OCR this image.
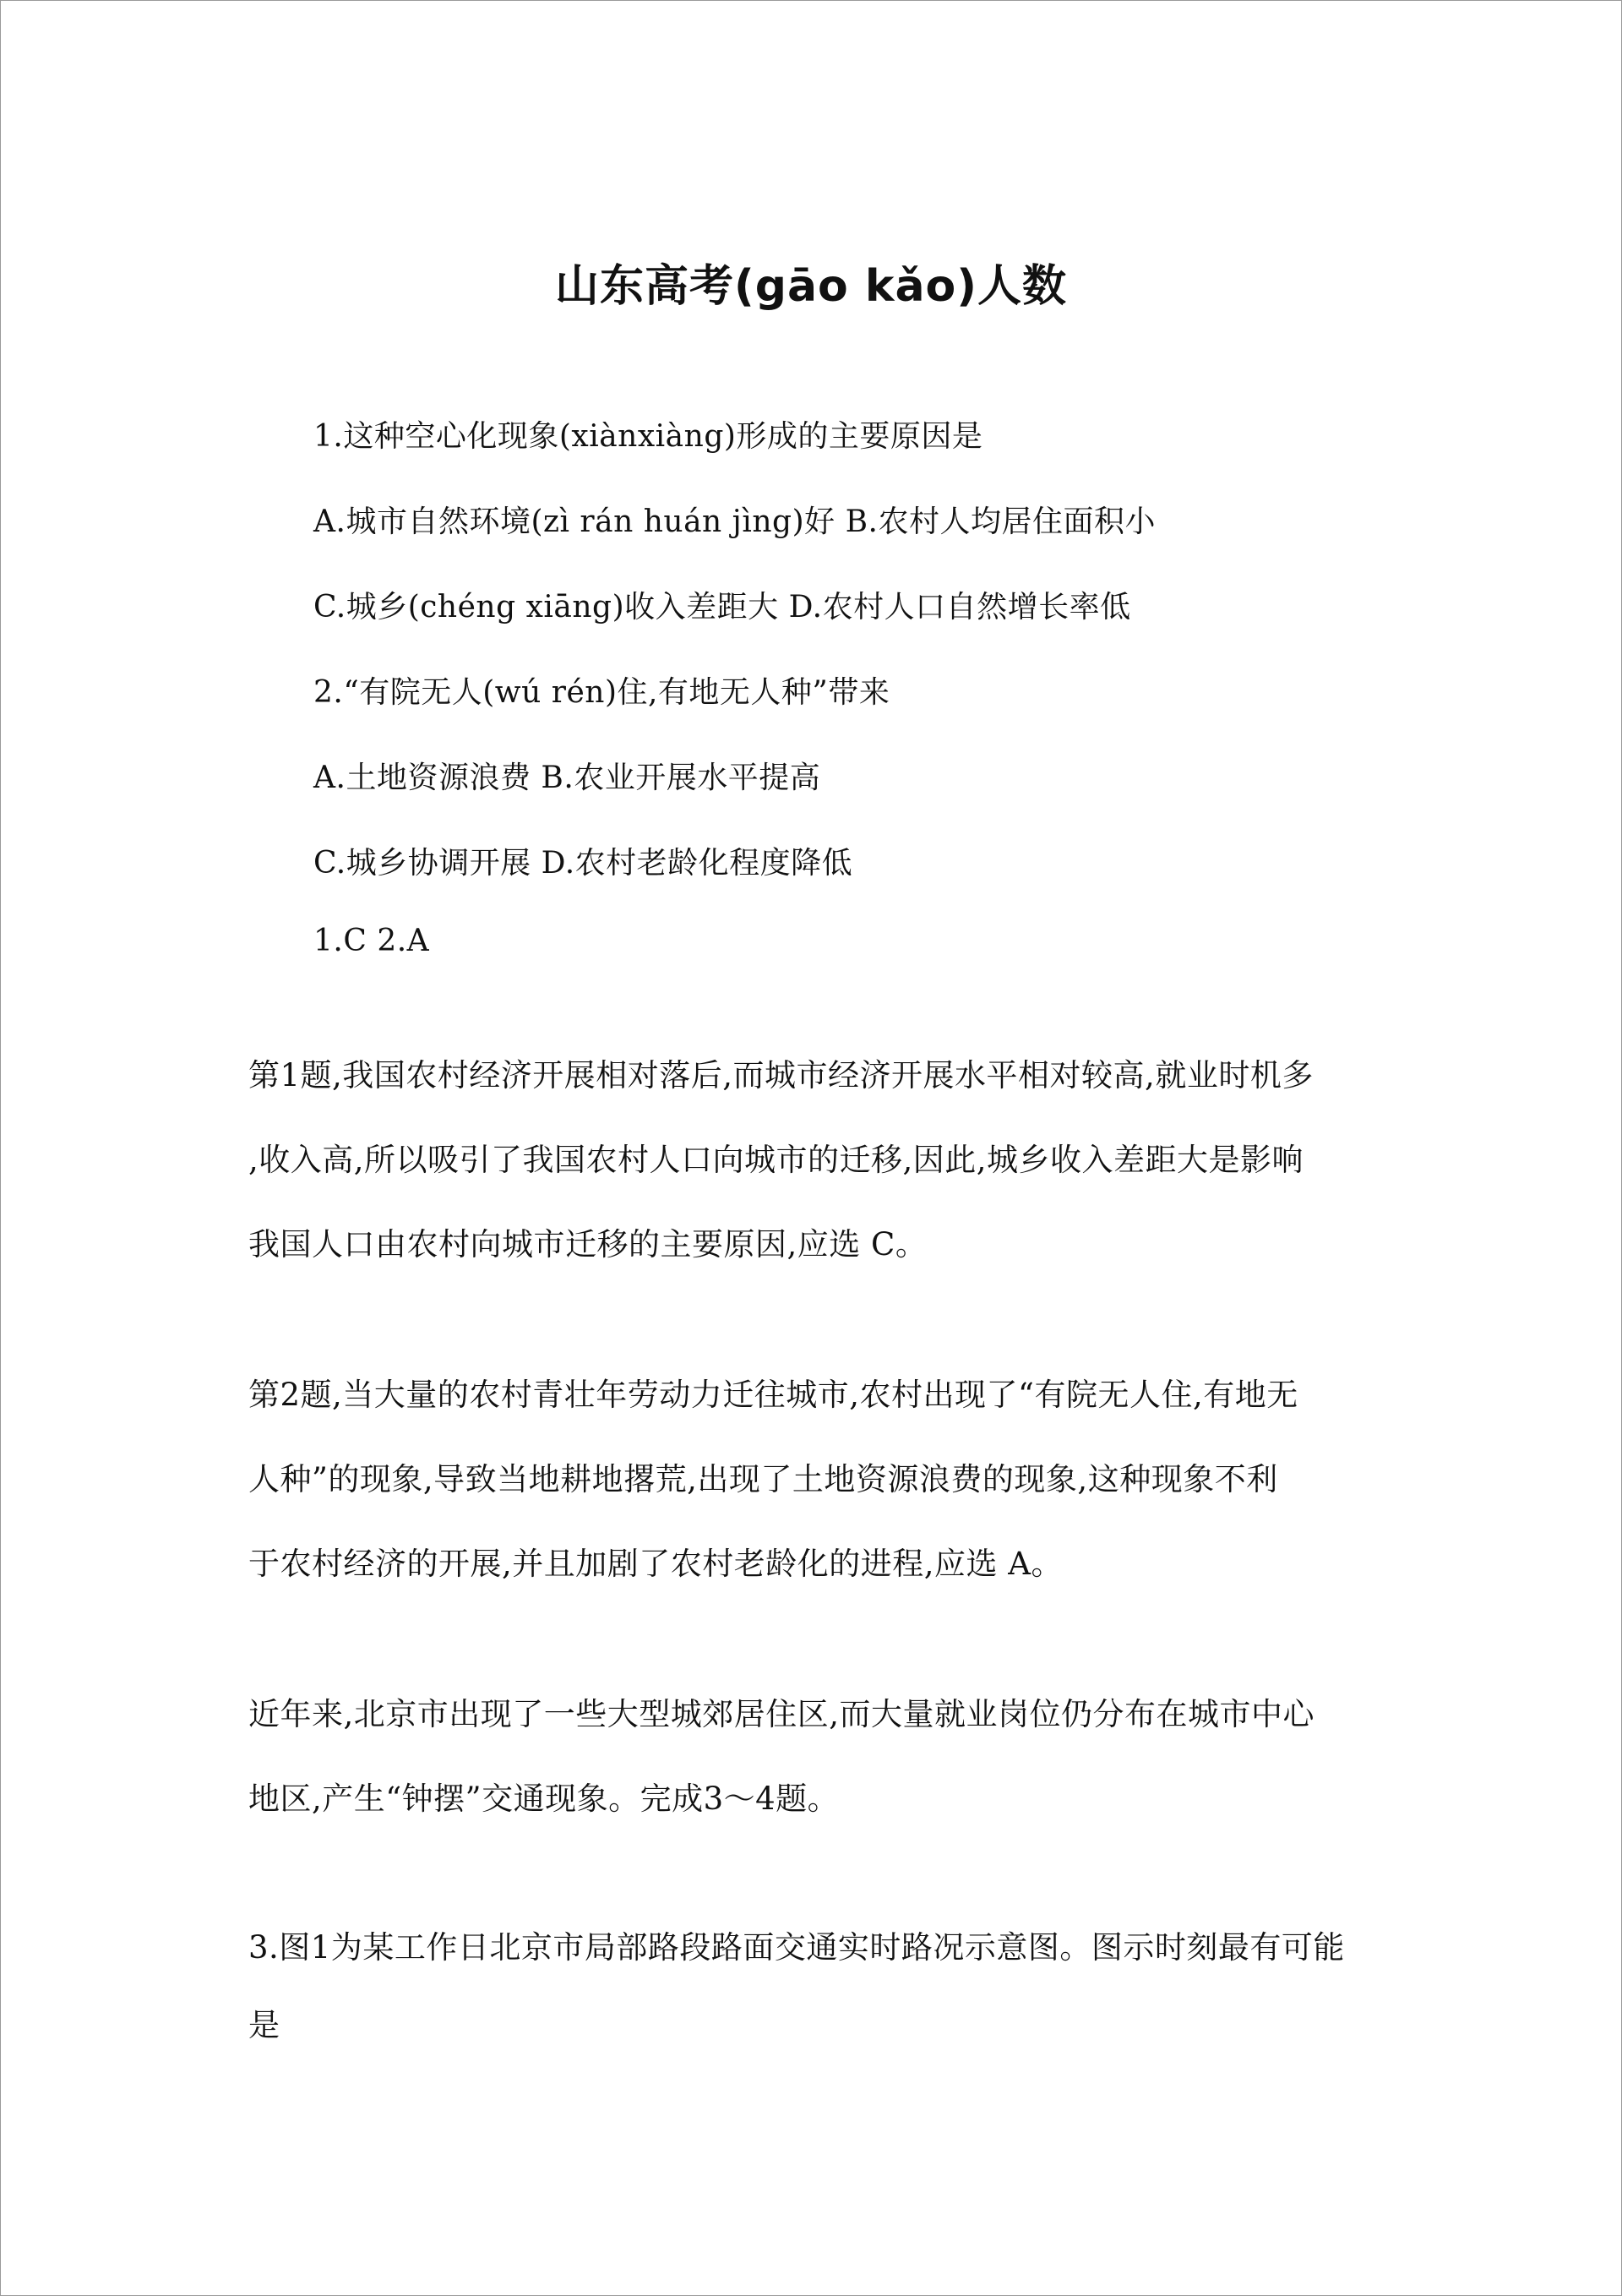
山东高考(gāo kǎo)人数
1.这种空心化现象(xiànxiàng)形成的主要原因是
A.城市自然环境(zì rán huán jìng)好 B.农村人均居住面积小
C.城乡(chéng xiāng)收入差距大 D.农村人口自然增长率低
2.“有院无人(wú rén)住,有地无人种”带来
A.土地资源浪费 B.农业开展水平提高
C.城乡协调开展 D.农村老龄化程度降低
1.C 2.A
第1题,我国农村经济开展相对落后,而城市经济开展水平相对较高,就业时机多
,收入高,所以吸引了我国农村人口向城市的迁移,因此,城乡收入差距大是影响
我国人口由农村向城市迁移的主要原因,应选 C。
第2题,当大量的农村青壮年劳动力迁往城市,农村出现了“有院无人住,有地无
人种”的现象,导致当地耕地撂荒,出现了土地资源浪费的现象,这种现象不利
于农村经济的开展,并且加剧了农村老龄化的进程,应选 A。
近年来,北京市出现了一些大型城郊居住区,而大量就业岗位仍分布在城市中心
地区,产生“钟摆”交通现象。完成3～4题。
3.图1为某工作日北京市局部路段路面交通实时路况示意图。图示时刻最有可能
是
